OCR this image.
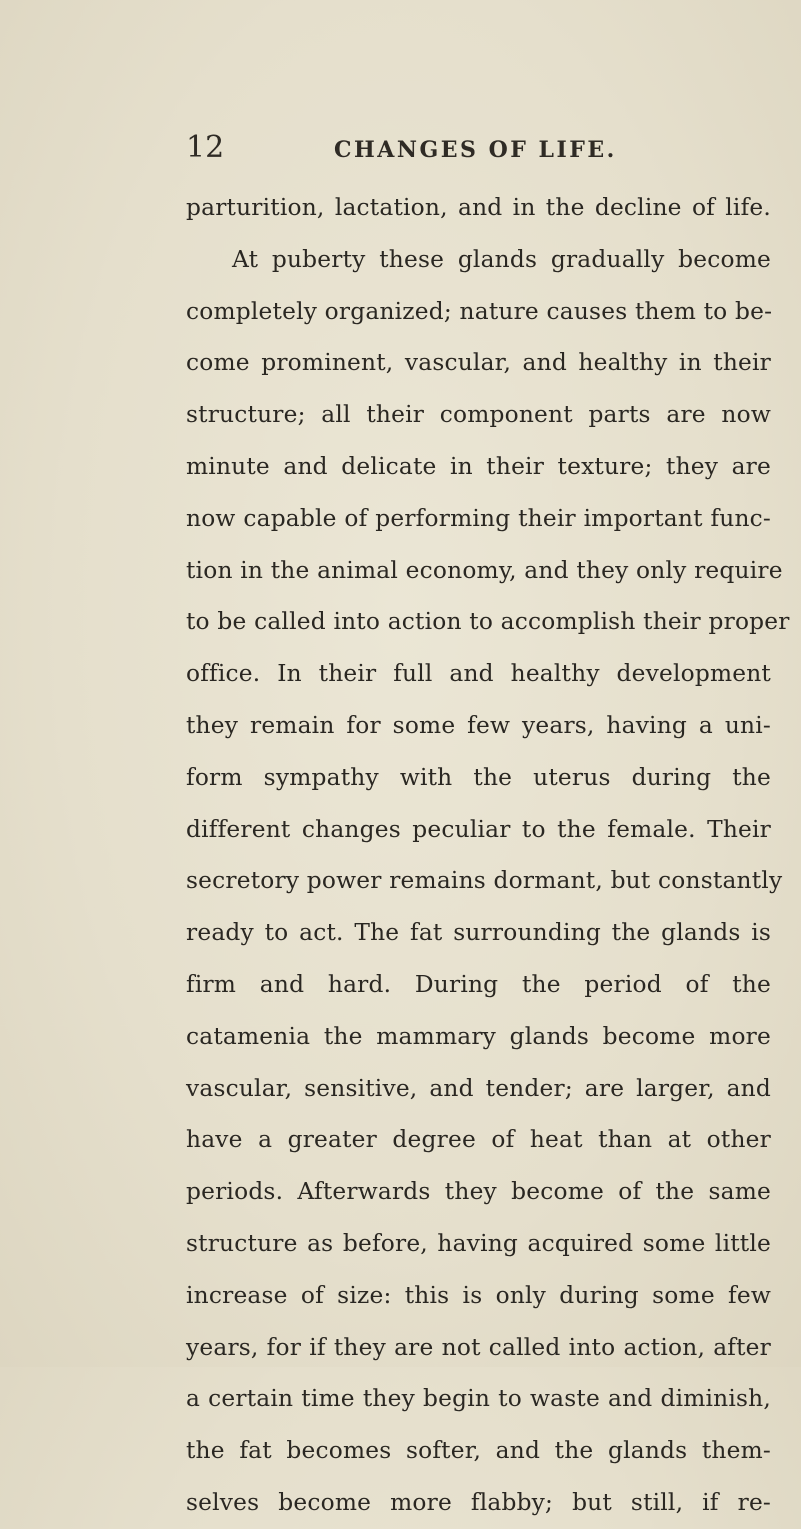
12	CHANGES OF LIFE.
parturition, lactation, and in the decline of life.
At puberty these glands gradually become
completely organized; nature causes them to be-
come prominent, vascular, and healthy in their
structure; all their component parts are now
minute and delicate in their texture; they are
now capable of performing their important func-
tion in the animal economy, and they only require
to be called into action to accomplish their proper
office. In their full and healthy development
they remain for some few years, having a uni-
form sympathy with the uterus during the
different changes peculiar to the female. Their
secretory power remains dormant, but constantly
ready to act. The fat surrounding the glands is
firm and hard. During the period of the
catamenia the mammary glands become more
vascular, sensitive, and tender; are larger, and
have a greater degree of heat than at other
periods. Afterwards they become of the same
structure as before, having acquired some little
increase of size: this is only during some few
years, for if they are not called into action, after
a certain time they begin to waste and diminish,
the fat becomes softer, and the glands them-
selves become more flabby; but still, if re-
